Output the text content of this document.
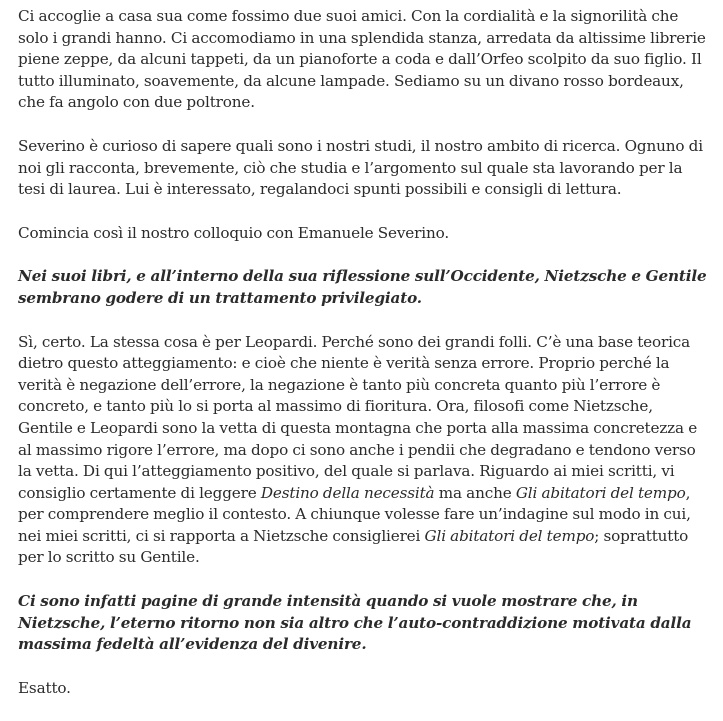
Ci accoglie a casa sua come fossimo due suoi amici. Con la cordialità e la signorilità che solo i grandi hanno. Ci accomodiamo in una splendida stanza, arredata da altissime librerie piene zeppe, da alcuni tappeti, da un pianoforte a coda e dall’Orfeo scolpito da suo figlio. Il tutto illuminato, soavemente, da alcune lampade. Sediamo su un divano rosso bordeaux, che fa angolo con due poltrone.

Severino è curioso di sapere quali sono i nostri studi, il nostro ambito di ricerca. Ognuno di noi gli racconta, brevemente, ciò che studia e l’argomento sul quale sta lavorando per la tesi di laurea. Lui è interessato, regalandoci spunti possibili e consigli di lettura.

Comincia così il nostro colloquio con Emanuele Severino.

Nei suoi libri, e all’interno della sua riflessione sull’Occidente, Nietzsche e Gentile sembrano godere di un trattamento privilegiato.

Sì, certo. La stessa cosa è per Leopardi. Perché sono dei grandi folli. C’è una base teorica dietro questo atteggiamento: e cioè che niente è verità senza errore. Proprio perché la verità è negazione dell’errore, la negazione è tanto più concreta quanto più l’errore è concreto, e tanto più lo si porta al massimo di fioritura. Ora, filosofi come Nietzsche, Gentile e Leopardi sono la vetta di questa montagna che porta alla massima concretezza e al massimo rigore l’errore, ma dopo ci sono anche i pendii che degradano e tendono verso la vetta. Di qui l’atteggiamento positivo, del quale si parlava. Riguardo ai miei scritti, vi consiglio certamente di leggere Destino della necessità ma anche Gli abitatori del tempo, per comprendere meglio il contesto. A chiunque volesse fare un’indagine sul modo in cui, nei miei scritti, ci si rapporta a Nietzsche consiglierei Gli abitatori del tempo; soprattutto per lo scritto su Gentile.

Ci sono infatti pagine di grande intensità quando si vuole mostrare che, in Nietzsche, l’eterno ritorno non sia altro che l’auto-contraddizione motivata dalla massima fedeltà all’evidenza del divenire.

Esatto.
